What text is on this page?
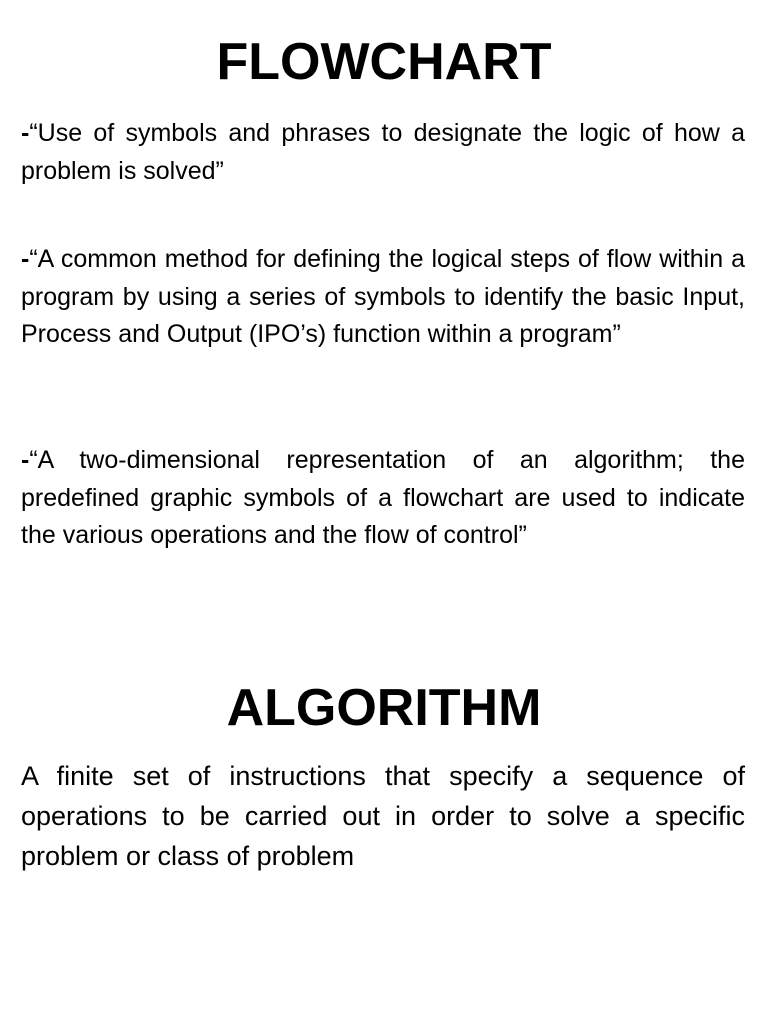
FLOWCHART

-“Use of symbols and phrases to designate the logic of how a problem is solved”

-“A common method for defining the logical steps of flow within a program by using a series of symbols to identify the basic Input, Process and Output (IPO’s) function within a program”

-“A two-dimensional representation of an algorithm; the predefined graphic symbols of a flowchart are used to indicate the various operations and the flow of control”

ALGORITHM

A finite set of instructions that specify a sequence of operations to be carried out in order to solve a specific problem or class of problem
